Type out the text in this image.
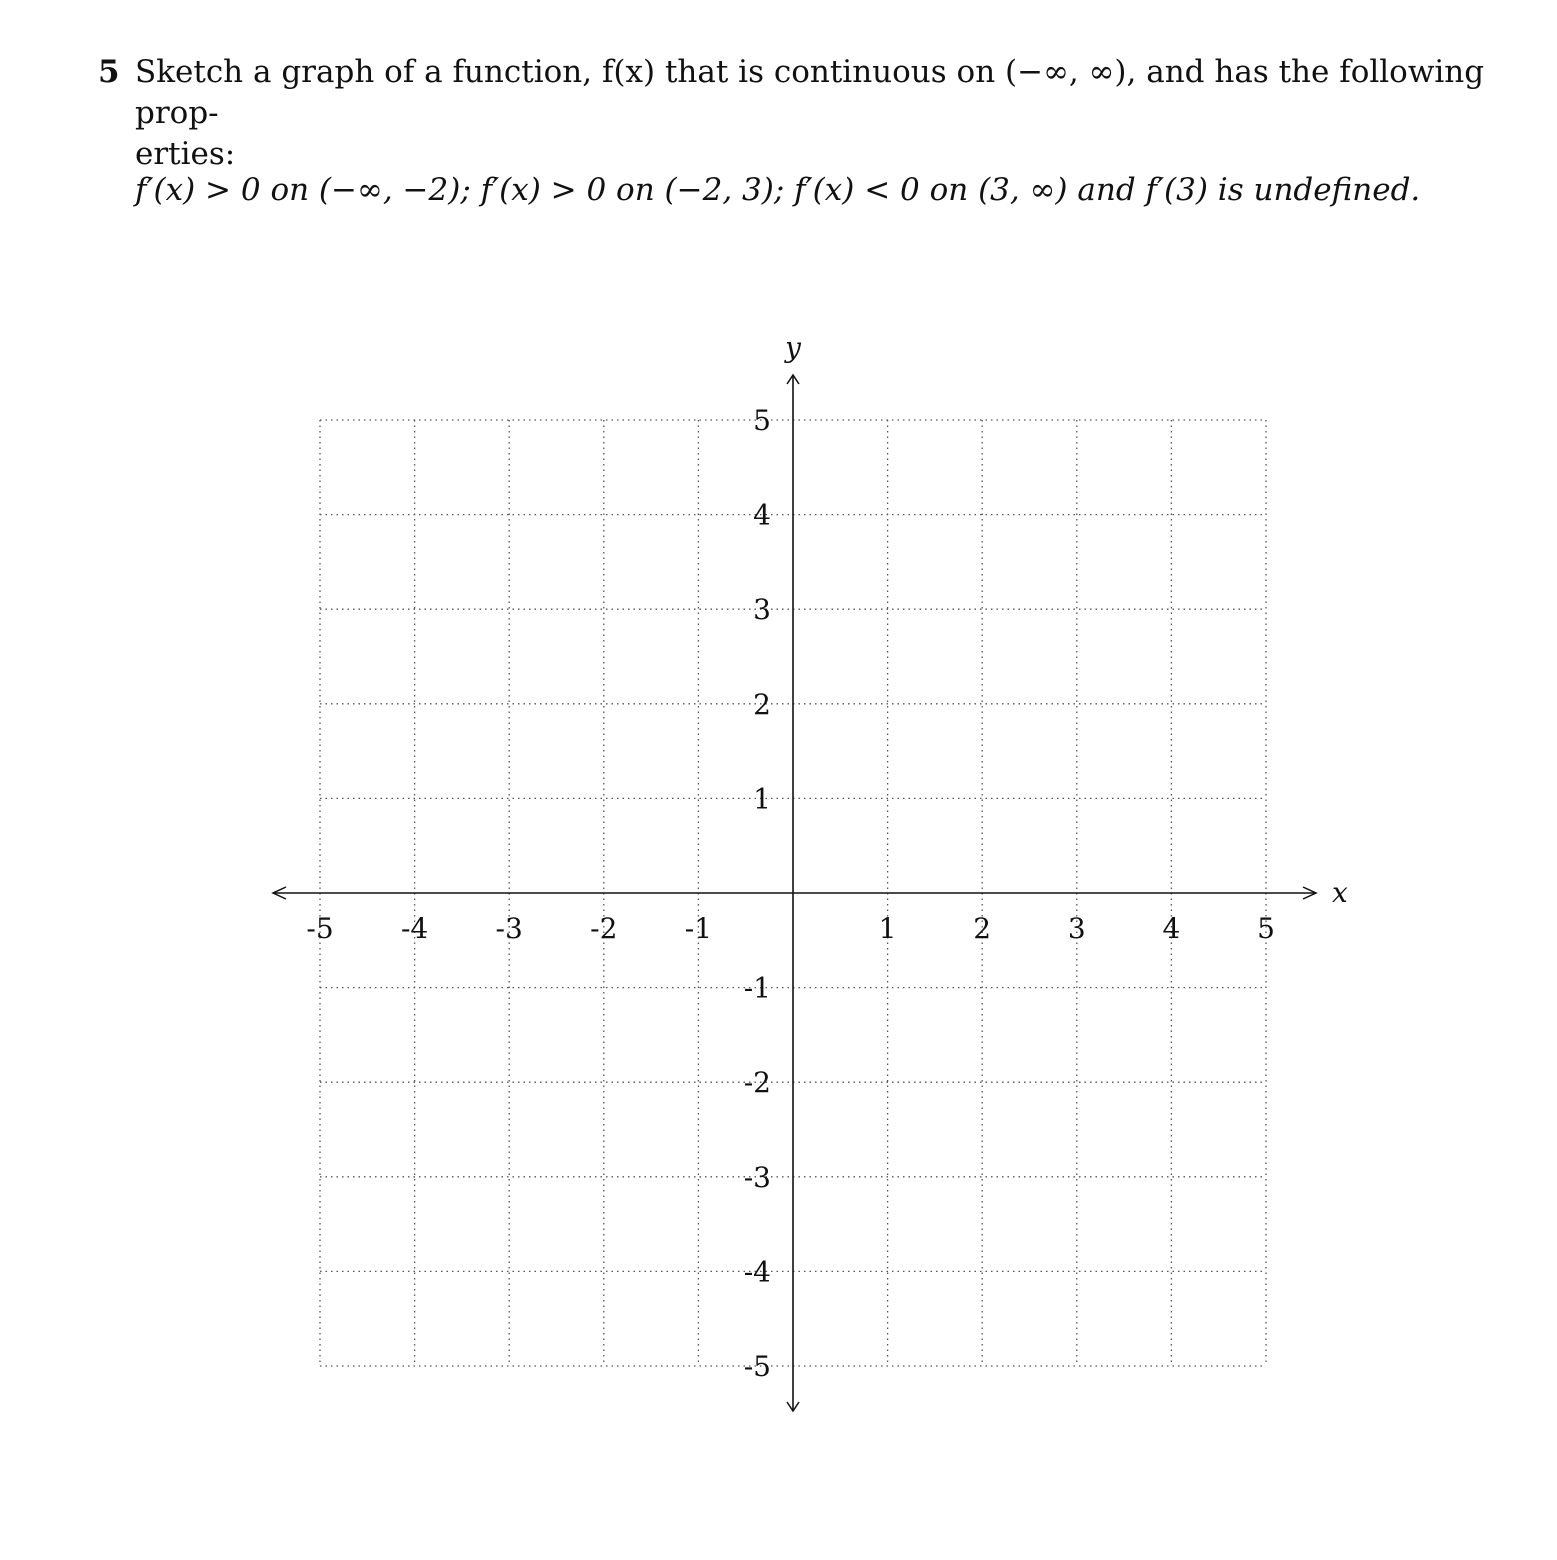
5 Sketch a graph of a function, f(x) that is continuous on (−∞, ∞), and has the following prop-
erties:
f′(x) > 0 on (−∞, −2); f′(x) > 0 on (−2, 3); f′(x) < 0 on (3, ∞) and f′(3) is undefined.
-5 -4 -3 -2 -1	1	2	3	4	5
-5
-4
-3
-2
-1
1
2
3
4
5
x
y
